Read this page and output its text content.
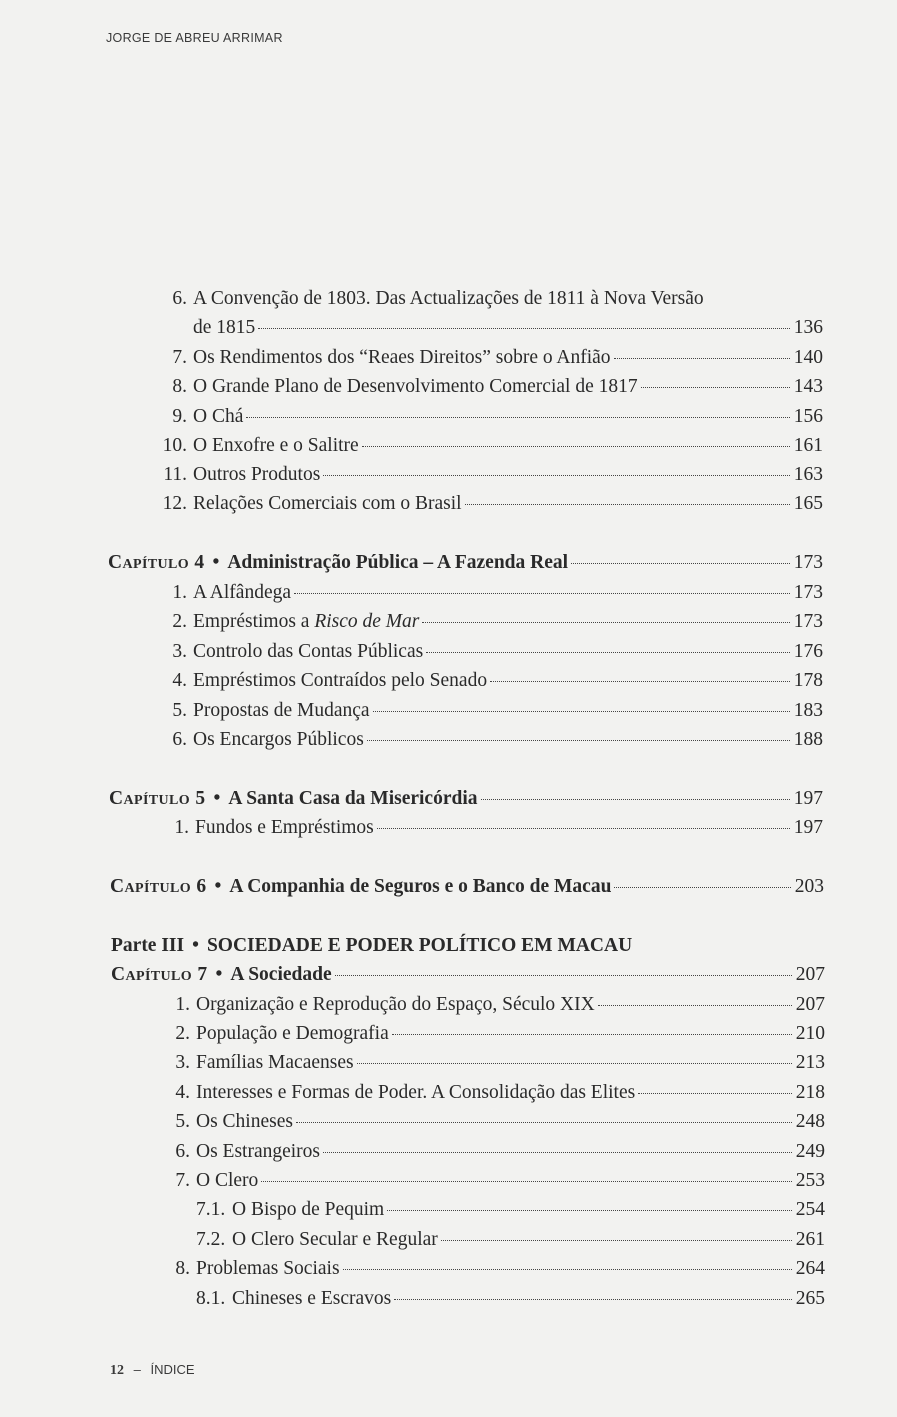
JORGE DE ABREU ARRIMAR
6. A Convenção de 1803. Das Actualizações de 1811 à Nova Versão
de 1815	136
7. Os Rendimentos dos “Reaes Direitos” sobre o Anfião	140
8. O Grande Plano de Desenvolvimento Comercial de 1817	143
9. O Chá	156
10. O Enxofre e o Salitre	161
11. Outros Produtos	163
12. Relações Comerciais com o Brasil	165
Capítulo 4 • Administração Pública – A Fazenda Real	173
1. A Alfândega	173
2. Empréstimos a Risco de Mar	173
3. Controlo das Contas Públicas	176
4. Empréstimos Contraídos pelo Senado	178
5. Propostas de Mudança	183
6. Os Encargos Públicos	188
Capítulo 5 • A Santa Casa da Misericórdia	197
1. Fundos e Empréstimos	197
Capítulo 6 • A Companhia de Seguros e o Banco de Macau	203
Parte III • SOCIEDADE E PODER POLÍTICO EM MACAU
Capítulo 7 • A Sociedade	207
1. Organização e Reprodução do Espaço, Século XIX	207
2. População e Demografia	210
3. Famílias Macaenses	213
4. Interesses e Formas de Poder. A Consolidação das Elites	218
5. Os Chineses	248
6. Os Estrangeiros	249
7. O Clero	253
7.1. O Bispo de Pequim	254
7.2. O Clero Secular e Regular	261
8. Problemas Sociais	264
8.1. Chineses e Escravos	265
12 – ÍNDICE
